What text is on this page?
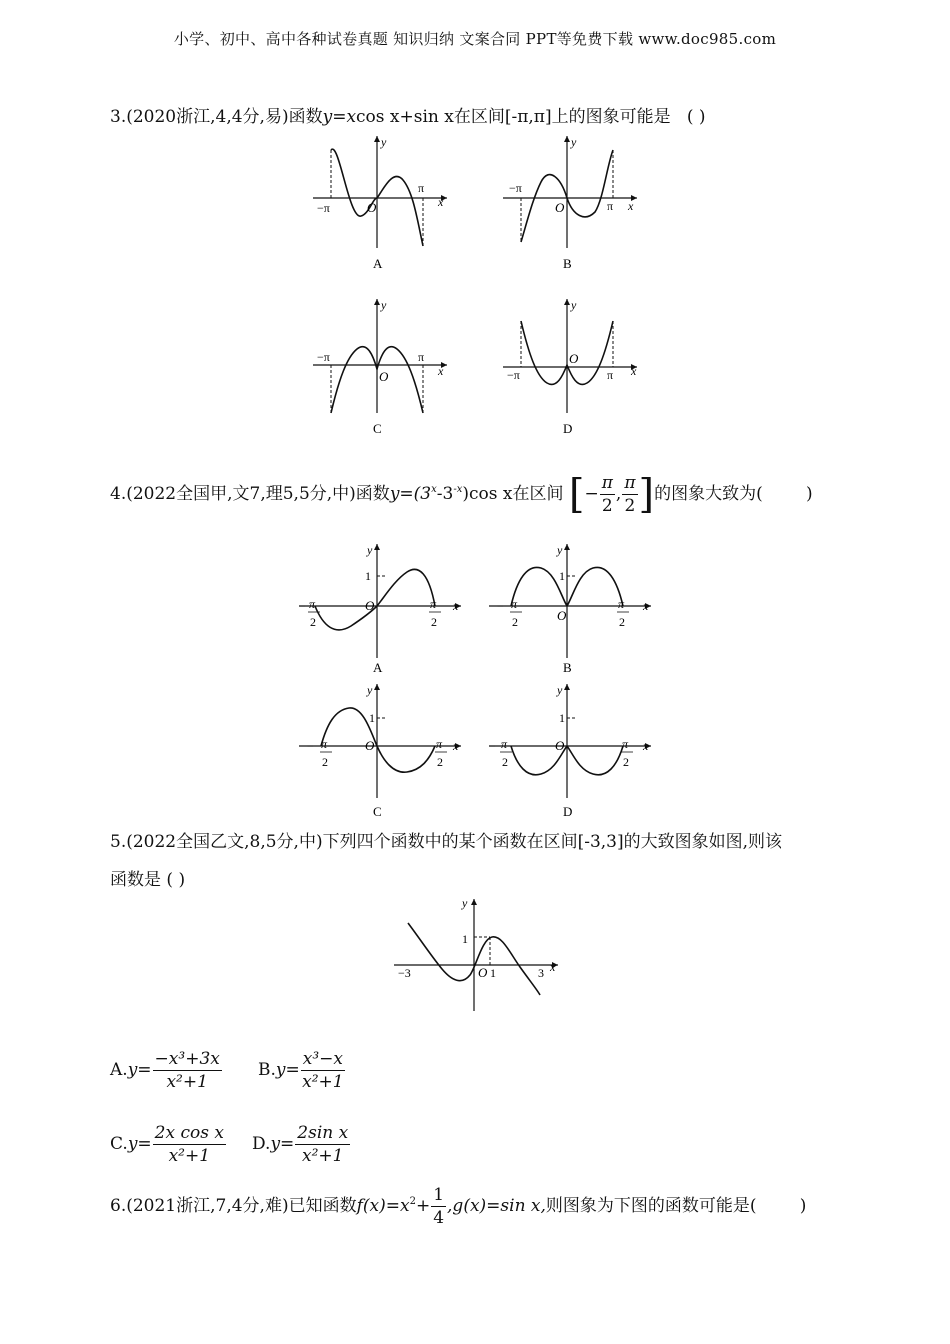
小学、初中、高中各种试卷真题 知识归纳 文案合同 PPT等免费下载 www.doc985.com
3.(2020浙江,4,4分,易)函数y=xcos x+sin x在区间[-π,π]上的图象可能是 ( )
y
x
O
−π
π
A
y
x
O
−π
π
B
y
x
O
−π	π
C
y
x
O
−π	π
D
4.(2022全国甲,文7,理5,5分,中)函数$y=(3^x-3^{-x})\cos$ x在区间 [− $\frac{\pi}{2}$ , $\frac{\pi}{2}$ ]的图象大致为(        )
y
x
1
O
− π
2
π
2
A
y
x
1
O
− π
2
π
2
B
y
x
1
O
− π
2
π
2
C
y
x
1
O
− π
2
π
2
D
5.(2022全国乙文,8,5分,中)下列四个函数中的某个函数在区间[-3,3]的大致图象如图,则该
函数是 ( )
y
x
1
O 1
−3	3
$A.y= \frac{\text{−x³+3x}}{\text{x²+1}} B.y= \frac{\text{x³−x}}{\text{x²+1}}$
$C.y= \frac{\text{2x cos x}}{\text{x²+1}} D.y= \frac{\text{2sin x}}{\text{x²+1}}$
6.(2021浙江,7,4分,难)已知函数$f(x)=x^2+ \frac{1}{4} ,g(x)=\sin$ x,则图象为下图的函数可能是(        )
